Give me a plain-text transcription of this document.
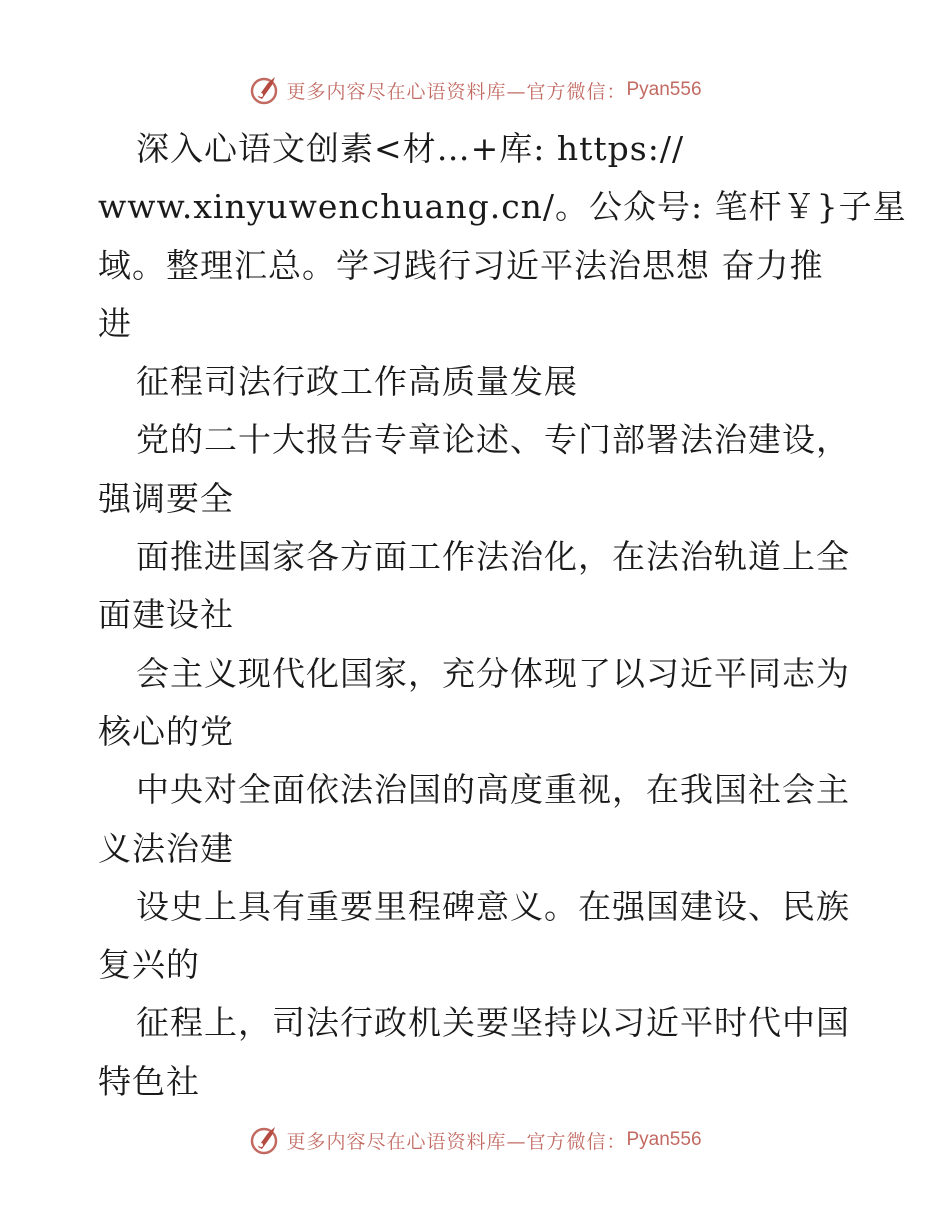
更多内容尽在心语资料库 —官方微信： Pyan556
深入心语文创素<材…+库: https://
www.xinyuwenchuang.cn/。公众号: 笔杆￥}子星
域。整理汇总。学习践行习近平法治思想 奋力推
进
征程司法行政工作高质量发展
党的二十大报告专章论述、专门部署法治建设，
强调要全
面推进国家各方面工作法治化，在法治轨道上全
面建设社
会主义现代化国家，充分体现了以习近平同志为
核心的党
中央对全面依法治国的高度重视，在我国社会主
义法治建
设史上具有重要里程碑意义。在强国建设、民族
复兴的
征程上，司法行政机关要坚持以习近平时代中国
特色社
更多内容尽在心语资料库 —官方微信： Pyan556
